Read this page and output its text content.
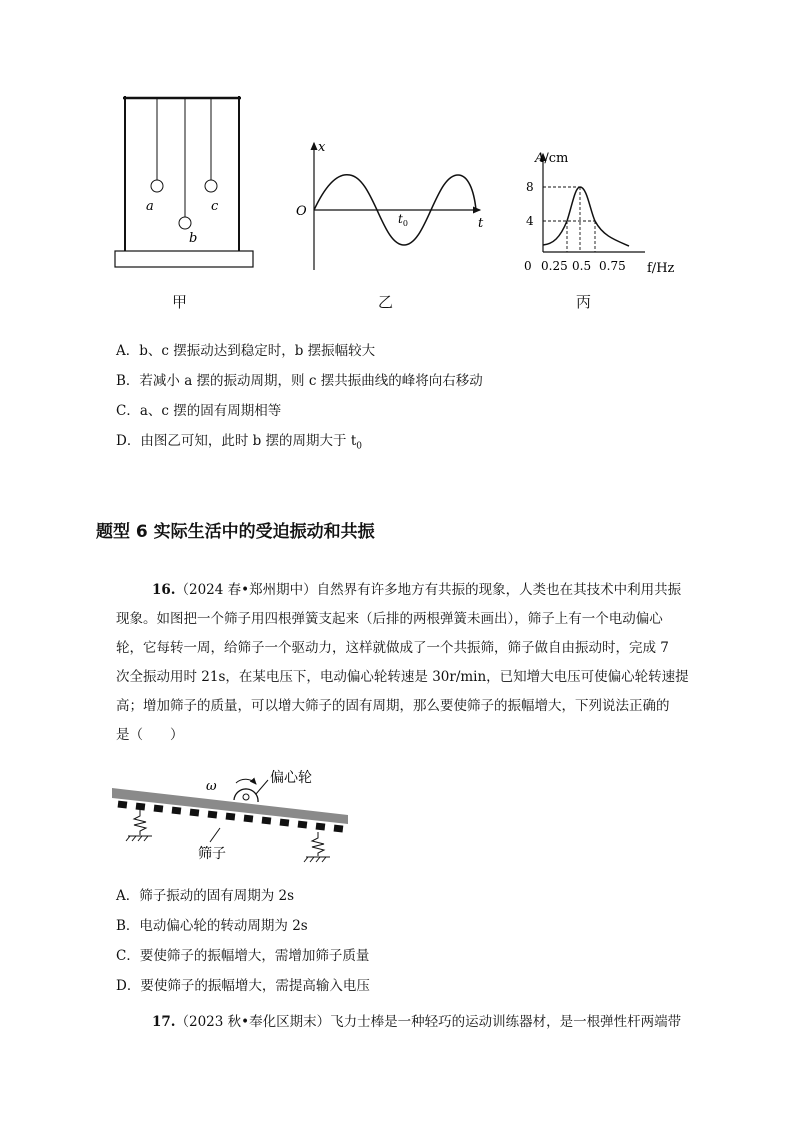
a
b
c
甲
x
O
t
$t_0$
乙
A/cm
8
4
0 0.25 0.5 0.75 f/Hz
丙
A．b、c 摆振动达到稳定时，b 摆振幅较大
B．若减小 a 摆的振动周期，则 c 摆共振曲线的峰将向右移动
C．a、c 摆的固有周期相等
D．由图乙可知，此时 b 摆的周期大于 $t_0$
题型 6 实际生活中的受迫振动和共振
16.（2024 春•郑州期中）自然界有许多地方有共振的现象，人类也在其技术中利用共振
现象。如图把一个筛子用四根弹簧支起来（后排的两根弹簧未画出），筛子上有一个电动偏心
轮，它每转一周，给筛子一个驱动力，这样就做成了一个共振筛，筛子做自由振动时，完成 7
次全振动用时 21s，在某电压下，电动偏心轮转速是 30r/min，已知增大电压可使偏心轮转速提
高；增加筛子的质量，可以增大筛子的固有周期，那么要使筛子的振幅增大，下列说法正确的
是（　　）
ω
偏心轮
筛子
A．筛子振动的固有周期为 2s
B．电动偏心轮的转动周期为 2s
C．要使筛子的振幅增大，需增加筛子质量
D．要使筛子的振幅增大，需提高输入电压
17.（2023 秋•奉化区期末）飞力士棒是一种轻巧的运动训练器材，是一根弹性杆两端带
